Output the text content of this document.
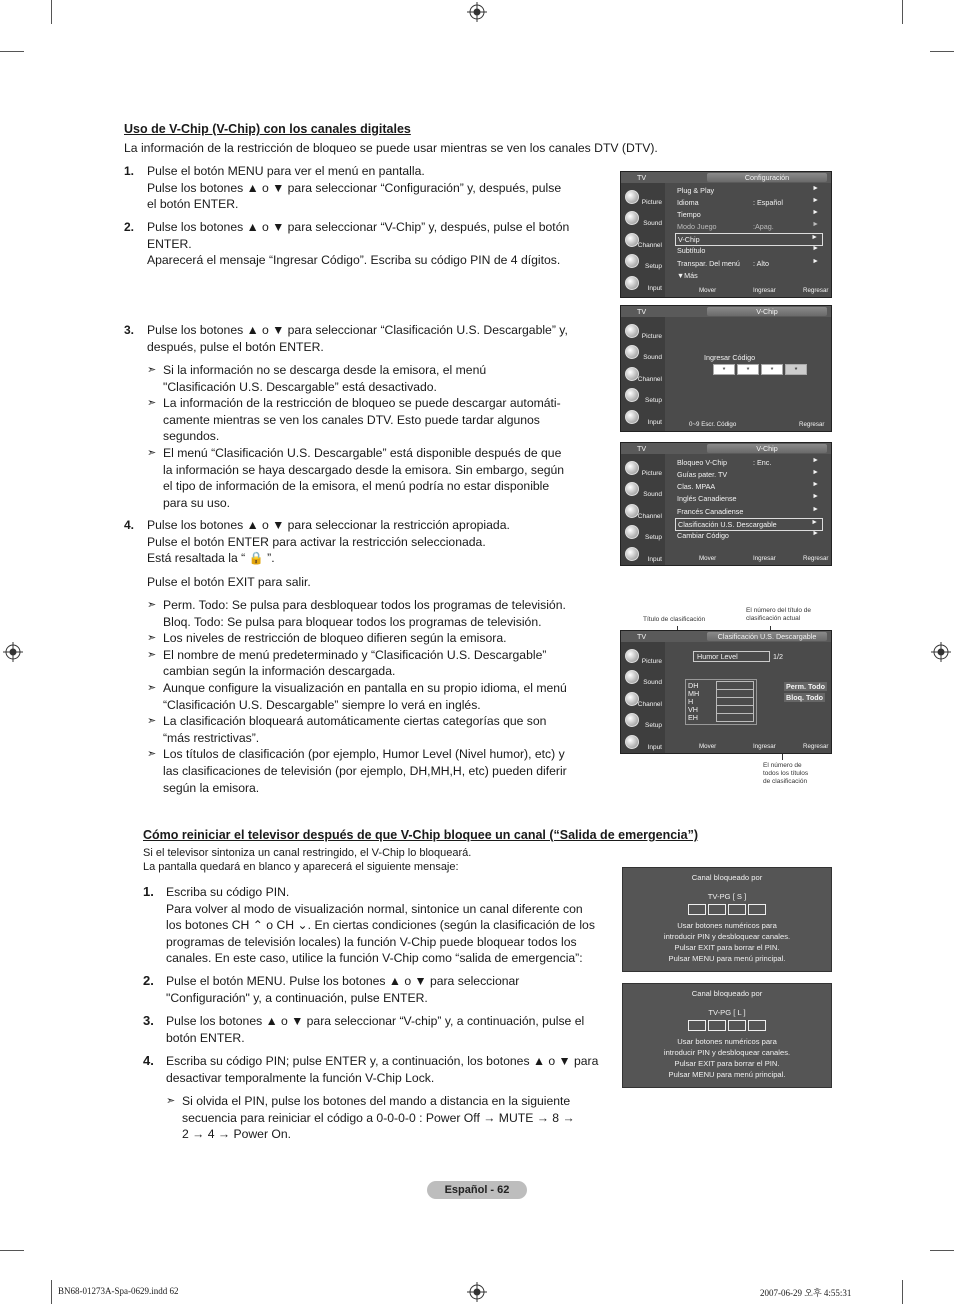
Uso de V-Chip (V-Chip) con los canales digitales

La información de la restricción de bloqueo se puede usar mientras se ven los canales DTV (DTV).

1. Pulse el botón MENU para ver el menú en pantalla.

Pulse los botones ▲ o ▼ para seleccionar “Configuración” y, después, pulse

el botón ENTER.

2. Pulse los botones ▲ o ▼ para seleccionar “V-Chip” y, después, pulse el botón

ENTER.

Aparecerá el mensaje “Ingresar Código”. Escriba su código PIN de 4 dígitos.

3. Pulse los botones ▲ o ▼ para seleccionar “Clasificación U.S. Descargable” y,

después, pulse el botón ENTER.

➣ Si la información no se descarga desde la emisora, el menú

"Clasificación U.S. Descargable” está desactivado.

➣ La información de la restricción de bloqueo se puede descargar automáti-

camente mientras se ven los canales DTV. Esto puede tardar algunos

segundos.

➣ El menú “Clasificación U.S. Descargable” está disponible después de que

la información se haya descargado desde la emisora. Sin embargo, según

el tipo de información de la emisora, el menú podría no estar disponible

para su uso.

4. Pulse los botones ▲ o ▼ para seleccionar la restricción apropiada.

Pulse el botón ENTER para activar la restricción seleccionada.

Está resaltada la “ 🔒 ”.

Pulse el botón EXIT para salir.

➣ Perm. Todo: Se pulsa para desbloquear todos los programas de televisión.

Bloq. Todo: Se pulsa para bloquear todos los programas de televisión.

➣ Los niveles de restricción de bloqueo difieren según la emisora.

➣ El nombre de menú predeterminado y “Clasificación U.S. Descargable”

cambian según la información descargada.

➣ Aunque configure la visualización en pantalla en su propio idioma, el menú

“Clasificación U.S. Descargable” siempre lo verá en inglés.

➣ La clasificación bloqueará automáticamente ciertas categorías que son

“más restrictivas”.

➣ Los títulos de clasificación (por ejemplo, Humor Level (Nivel humor), etc) y

las clasificaciones de televisión (por ejemplo, DH,MH,H, etc) pueden diferir

según la emisora.

TV	Configuración
Picture
Sound
Channel
Setup
Input
Plug & Play	►
Idioma	: Español	►
Tiempo	►
Modo Juego	:Apag.	►
V-Chip	►
Subtítulo	►
Transpar. Del menú : Alto	►
▼Más
Mover	Ingresar	Regresar
TV	V-Chip
Picture
Sound
Channel
Setup
Input
Ingresar Código
*	*	*	*
0~9 Escr. Código	Regresar
TV	V-Chip
Picture
Sound
Channel
Setup
Input
Bloqueo V-Chip	: Enc.	►
Guías pater. TV	►
Clas. MPAA	►
Inglés Canadiense	►
Francés Canadiense	►
Clasificación U.S. Descargable	►
Cambiar Código	►
Mover	Ingresar	Regresar
Título de clasificación
El número del título de
clasificación actual
El número de
todos los títulos
de clasificación
TV	Clasificación U.S. Descargable
Picture
Sound
Channel
Setup
Input
Humor Level	1/2
DH
MH
H
VH
EH
Perm. Todo
Bloq. Todo
Mover	Ingresar	Regresar
Cómo reiniciar el televisor después de que V-Chip bloquee un canal (“Salida de emergencia”)

Si el televisor sintoniza un canal restringido, el V-Chip lo bloqueará.

La pantalla quedará en blanco y aparecerá el siguiente mensaje:

1. Escriba su código PIN.

Para volver al modo de visualización normal, sintonice un canal diferente con

los botones CH ⌃ o CH ⌄. En ciertas condiciones (según la clasificación de los

programas de televisión locales) la función V-Chip puede bloquear todos los

canales. En este caso, utilice la función V-Chip como “salida de emergencia”:

2. Pulse el botón MENU. Pulse los botones ▲ o ▼ para seleccionar

"Configuración" y, a continuación, pulse ENTER.

3. Pulse los botones ▲ o ▼ para seleccionar “V-chip” y, a continuación, pulse el

botón ENTER.

4. Escriba su código PIN; pulse ENTER y, a continuación, los botones ▲ o ▼ para

desactivar temporalmente la función V-Chip Lock.

➣ Si olvida el PIN, pulse los botones del mando a distancia en la siguiente

secuencia para reiniciar el código a 0-0-0-0 : Power Off → MUTE → 8 →

2 → 4 → Power On.

Canal bloqueado por
TV-PG [ S ]
Usar botones numéricos para
introducir PIN y desbloquear canales.
Pulsar EXIT para borrar el PIN.
Pulsar MENU para menú principal.
Canal bloqueado por
TV-PG [ L ]
Usar botones numéricos para
introducir PIN y desbloquear canales.
Pulsar EXIT para borrar el PIN.
Pulsar MENU para menú principal.
Español - 62
BN68-01273A-Spa-0629.indd 62	2007-06-29 오후 4:55:31
